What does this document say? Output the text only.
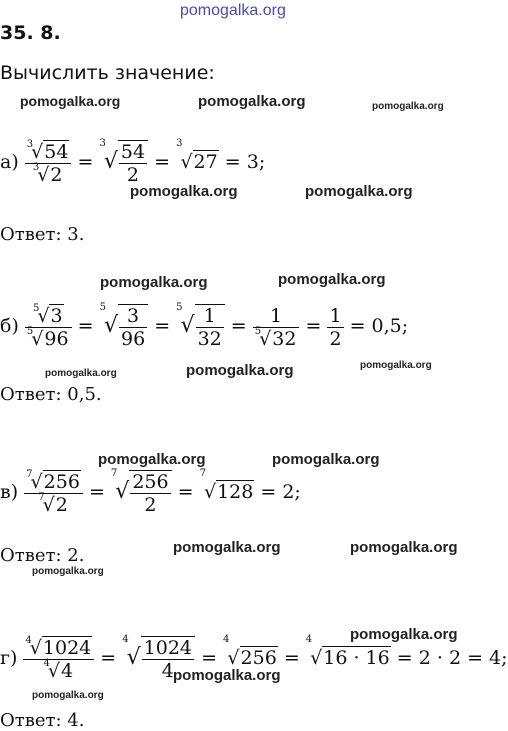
pomogalka.org
pomogalka.org	pomogalka.org	pomogalka.org
pomogalka.org	pomogalka.org
pomogalka.org	pomogalka.org
pomogalka.org	pomogalka.org	pomogalka.org
pomogalka.org	pomogalka.org
pomogalka.org	pomogalka.org
pomogalka.org
pomogalka.org
pomogalka.org
pomogalka.org
35. 8.
Вычислить значение:
$а) \frac{^3√54}{^3√2} = ^3√ \frac{54}{2} = ^3√27 = 3$;
Ответ: 3.
$б) \frac{^5√3}{^5√96} = ^5√ \frac{3}{96} = ^5√ \frac{1}{32} = \frac{1}{^5√32} = \frac{1}{2} = 0,5$;
Ответ: 0,5.
$в) \frac{^7√256}{^7√2} = ^7√ \frac{256}{2} = ^7√128 = 2$;
Ответ: 2.
$г) \frac{^4√1024}{^4√4} = ^4√ \frac{1024}{4} = ^4√256 = ^4√16 \cdot 16 = 2 \cdot 2 = 4$;
Ответ: 4.
